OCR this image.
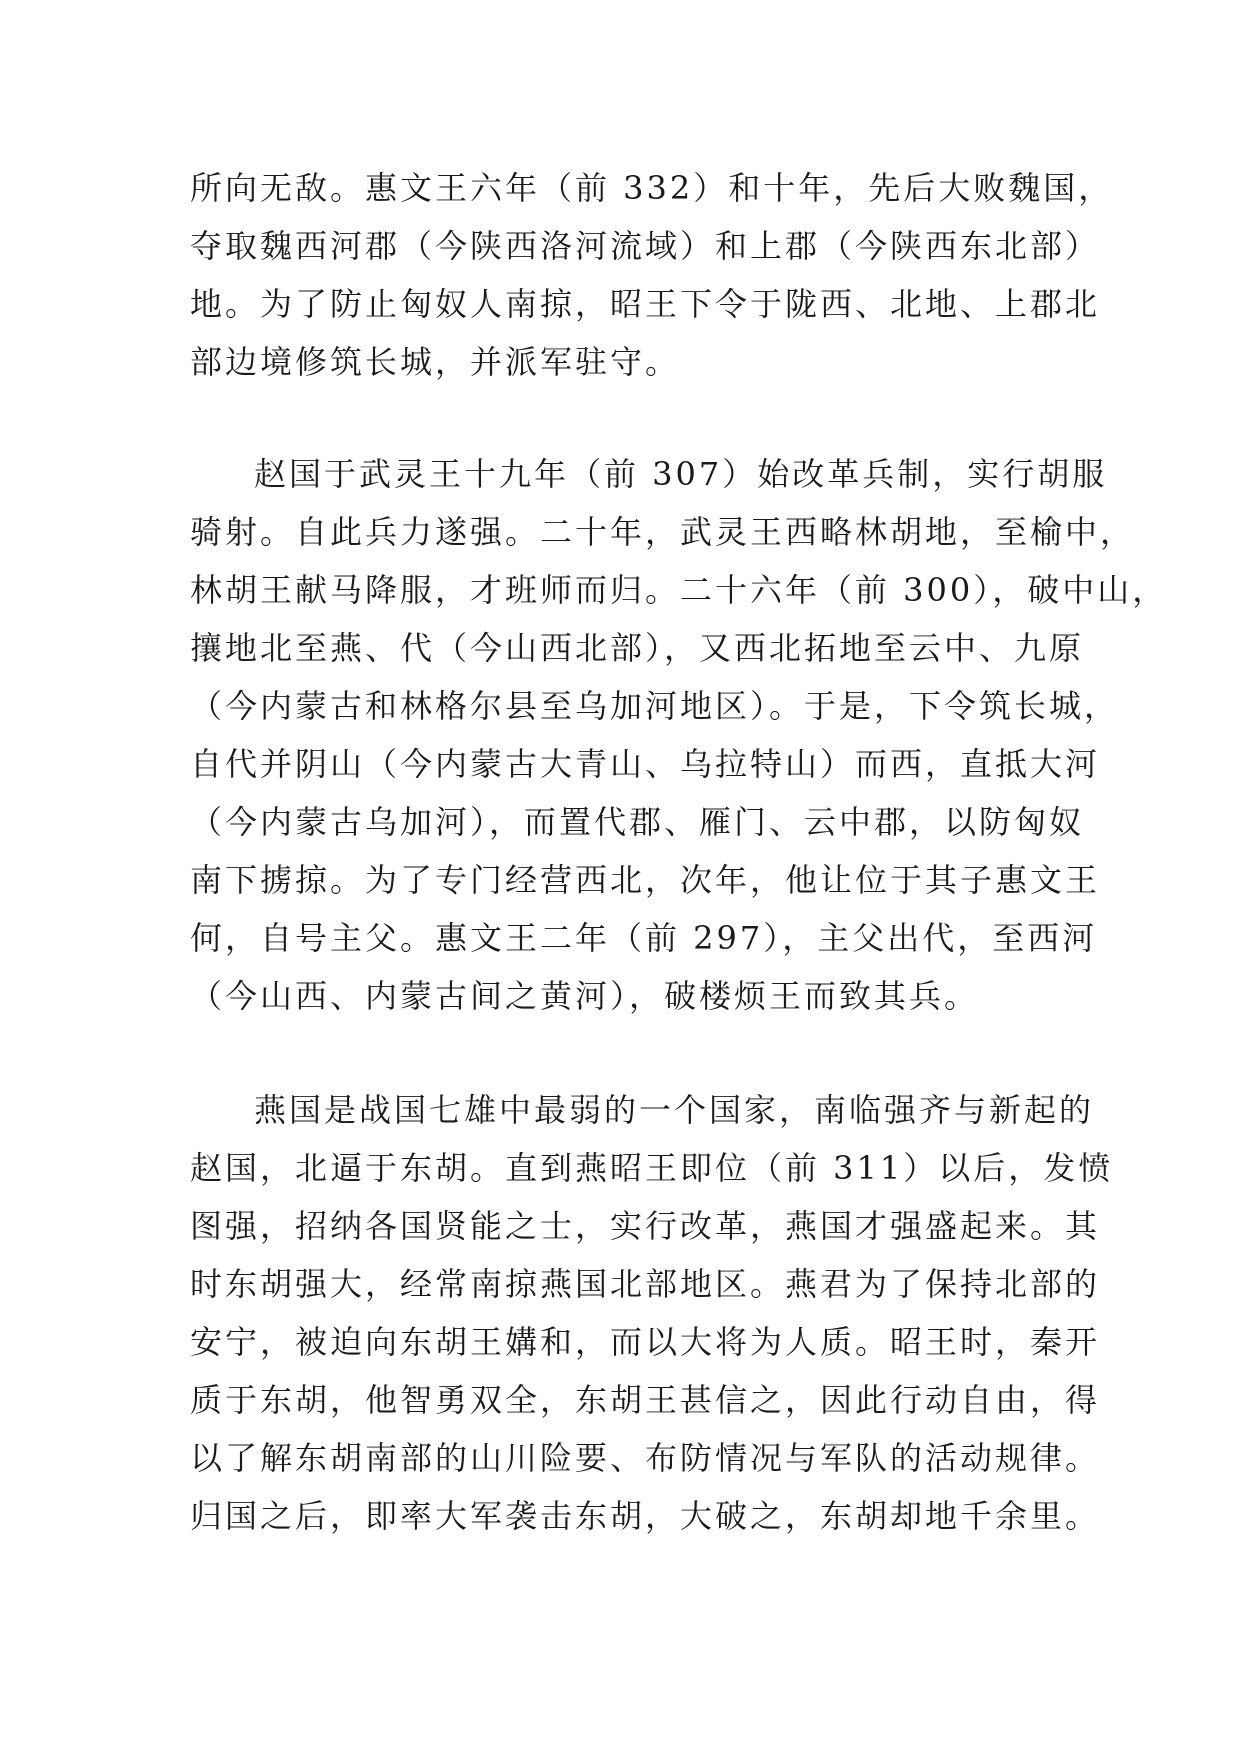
所向无敌。惠文王六年（前 332）和十年，先后大败魏国，
夺取魏西河郡（今陕西洛河流域）和上郡（今陕西东北部）
地。为了防止匈奴人南掠，昭王下令于陇西、北地、上郡北
部边境修筑长城，并派军驻守。
赵国于武灵王十九年（前 307）始改革兵制，实行胡服
骑射。自此兵力遂强。二十年，武灵王西略林胡地，至榆中，
林胡王献马降服，才班师而归。二十六年（前 300），破中山，
攘地北至燕、代（今山西北部），又西北拓地至云中、九原
（今内蒙古和林格尔县至乌加河地区）。于是，下令筑长城，
自代并阴山（今内蒙古大青山、乌拉特山）而西，直抵大河
（今内蒙古乌加河），而置代郡、雁门、云中郡，以防匈奴
南下掳掠。为了专门经营西北，次年，他让位于其子惠文王
何，自号主父。惠文王二年（前 297），主父出代，至西河
（今山西、内蒙古间之黄河），破楼烦王而致其兵。
燕国是战国七雄中最弱的一个国家，南临强齐与新起的
赵国，北逼于东胡。直到燕昭王即位（前 311）以后，发愤
图强，招纳各国贤能之士，实行改革，燕国才强盛起来。其
时东胡强大，经常南掠燕国北部地区。燕君为了保持北部的
安宁，被迫向东胡王媾和，而以大将为人质。昭王时，秦开
质于东胡，他智勇双全，东胡王甚信之，因此行动自由，得
以了解东胡南部的山川险要、布防情况与军队的活动规律。
归国之后，即率大军袭击东胡，大破之，东胡却地千余里。
